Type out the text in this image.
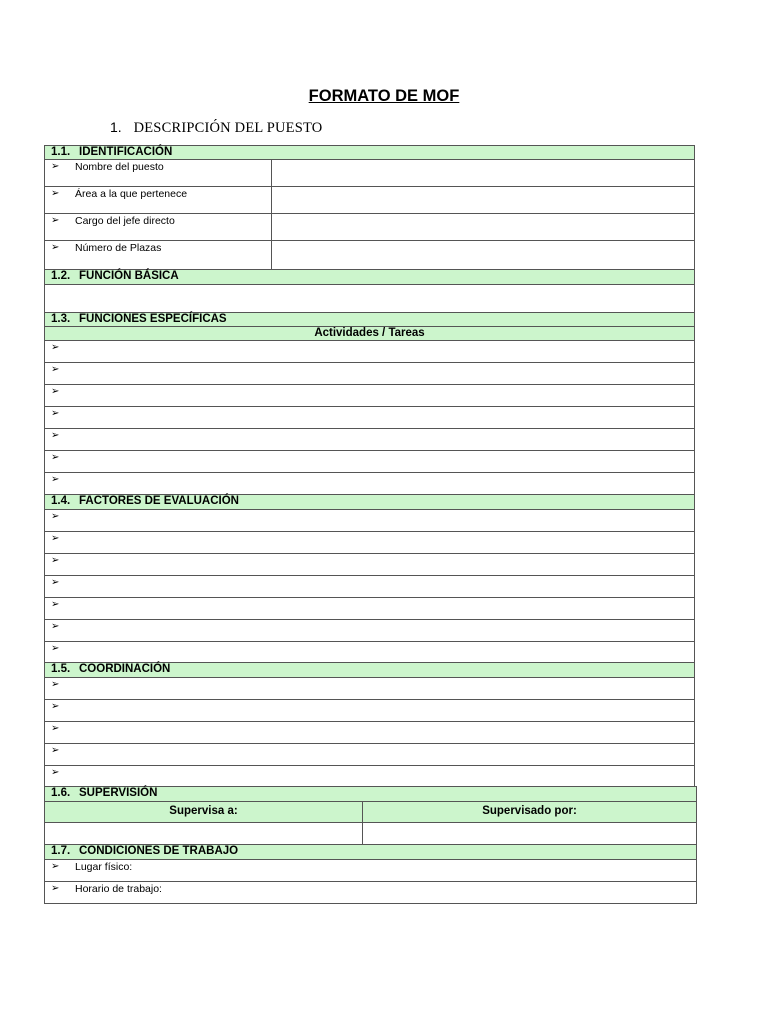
FORMATO DE MOF
1. DESCRIPCIÓN DEL PUESTO
1.1. IDENTIFICACIÓN
➢ Nombre del puesto
➢ Área a la que pertenece
➢ Cargo del jefe directo
➢ Número de Plazas
1.2. FUNCIÓN BÁSICA
1.3. FUNCIONES ESPECÍFICAS
Actividades / Tareas
➢
➢
➢
➢
➢
➢
➢
1.4. FACTORES DE EVALUACIÓN
➢
➢
➢
➢
➢
➢
➢
1.5. COORDINACIÓN
➢
➢
➢
➢
➢
1.6. SUPERVISIÓN
Supervisa a:	Supervisado por:
1.7. CONDICIONES DE TRABAJO
➢ Lugar físico:
➢ Horario de trabajo:
